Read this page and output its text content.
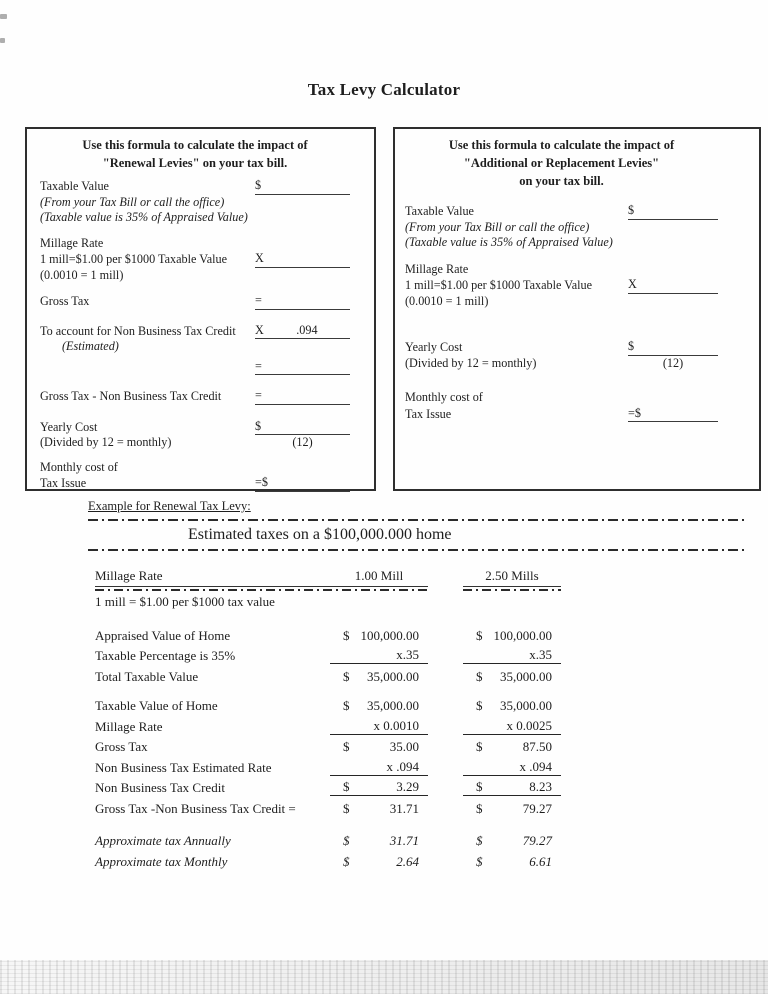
Tax Levy Calculator
Use this formula to calculate the impact of
"Renewal Levies" on your tax bill.
Taxable Value	$
(From your Tax Bill or call the office)
(Taxable value is 35% of Appraised Value)
Millage Rate
1 mill=$1.00 per $1000 Taxable Value X
(0.0010 = 1 mill)
Gross Tax	=
To account for Non Business Tax Credit X	.094
(Estimated)
=
Gross Tax - Non Business Tax Credit	=
Yearly Cost	$
(Divided by 12 = monthly)	(12)
Monthly cost of
Tax Issue	=$
Use this formula to calculate the impact of
"Additional or Replacement Levies"
on your tax bill.
Taxable Value	$
(From your Tax Bill or call the office)
(Taxable value is 35% of Appraised Value)
Millage Rate
1 mill=$1.00 per $1000 Taxable Value	X
(0.0010 = 1 mill)
Yearly Cost	$
(Divided by 12 = monthly)	(12)
Monthly cost of
Tax Issue	=$
Example for Renewal Tax Levy:
Estimated taxes on a $100,000.000 home
Millage Rate	1.00 Mill	2.50 Mills
1 mill = $1.00 per $1000 tax value
Appraised Value of Home	$ 100,000.00	$ 100,000.00
Taxable Percentage is 35%	x.35	x.35
Total Taxable Value	$ 35,000.00	$ 35,000.00
Taxable Value of Home	$ 35,000.00	$ 35,000.00
Millage Rate	x 0.0010	x 0.0025
Gross Tax	$	35.00	$	87.50
Non Business Tax Estimated Rate	x .094	x .094
Non Business Tax Credit	$	3.29	$	8.23
Gross Tax -Non Business Tax Credit =	$	31.71	$	79.27
Approximate tax Annually	$	31.71	$	79.27
Approximate tax Monthly	$	2.64	$	6.61
